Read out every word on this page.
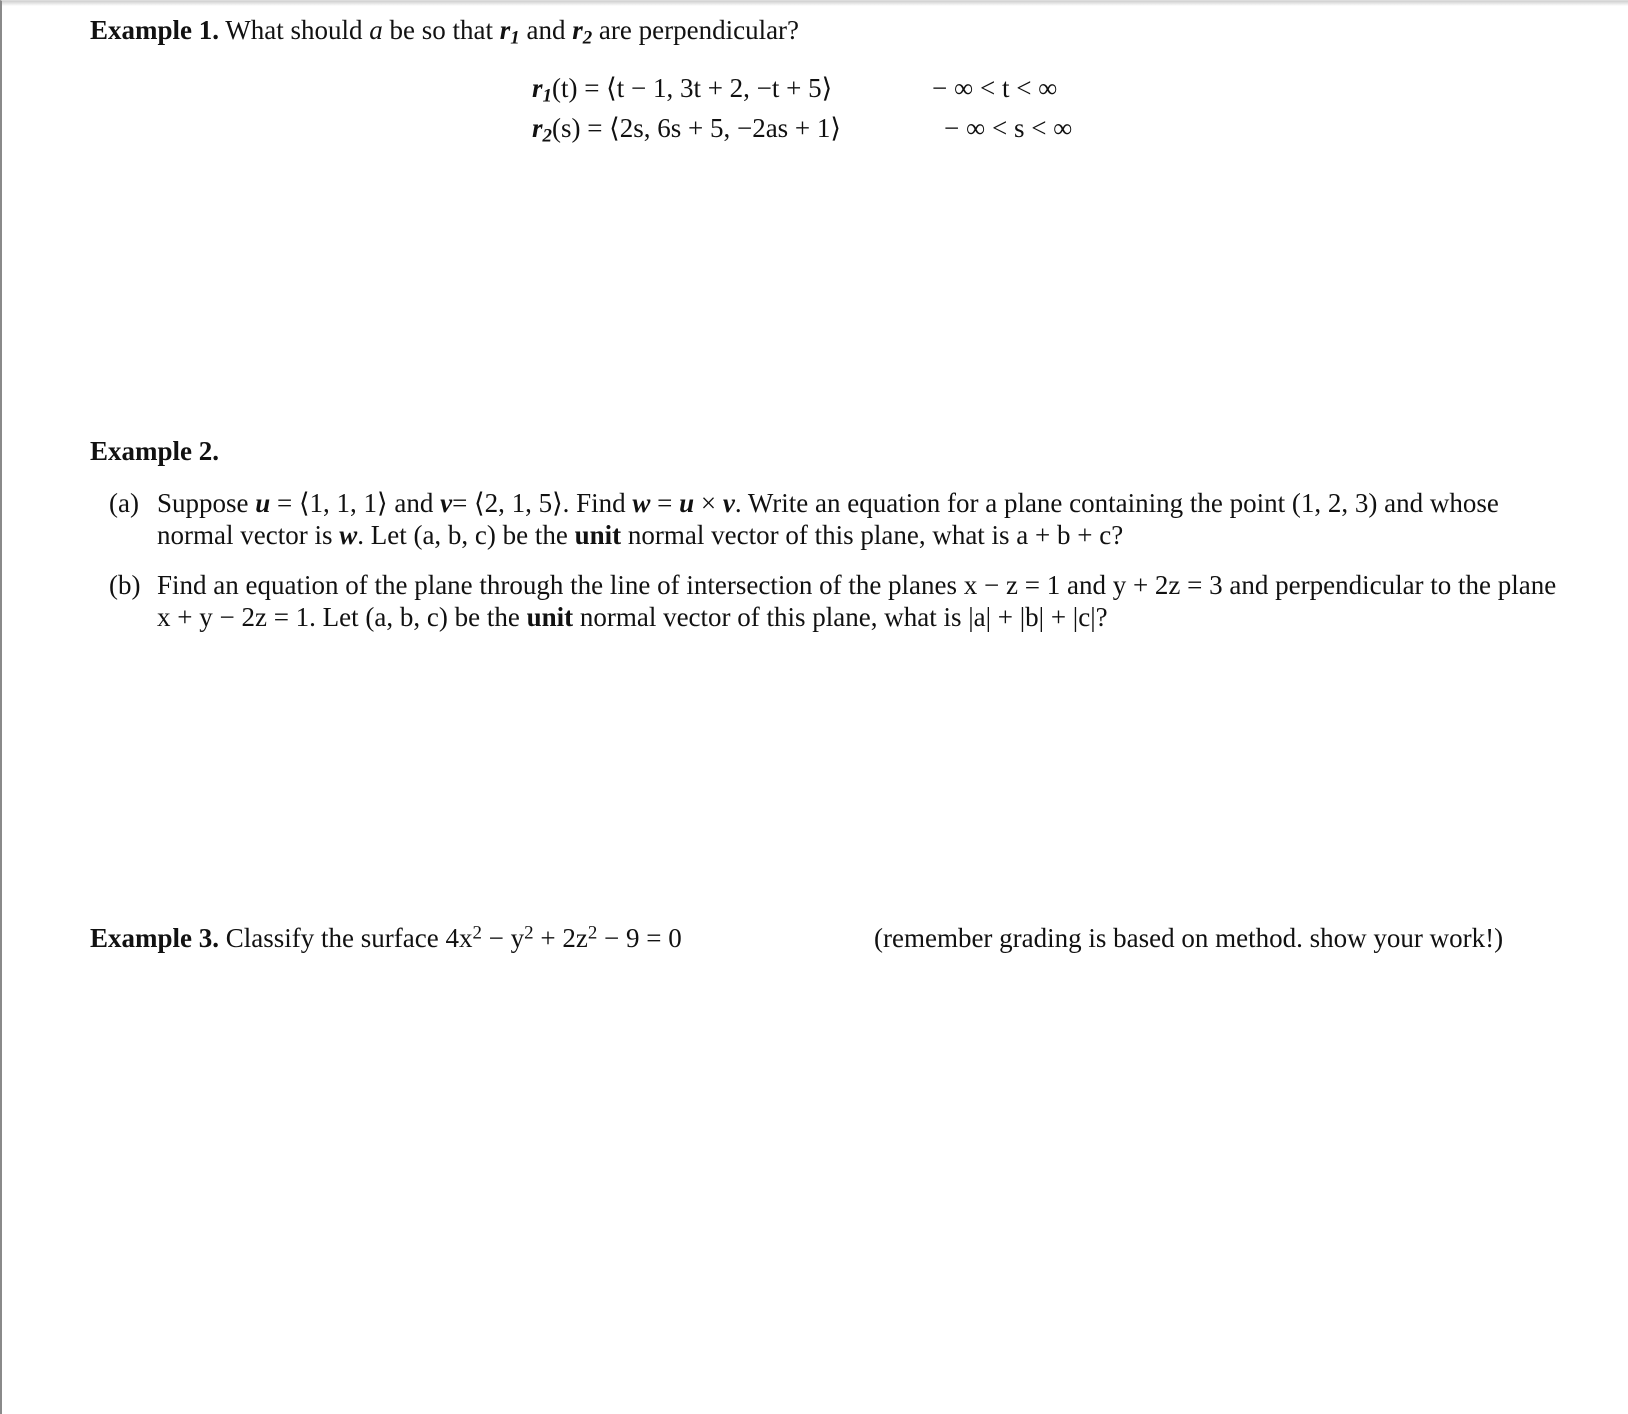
Example 1. What should a be so that $r_1$ and $r_2$ are perpendicular?
$r_1(t)$ = ⟨t − 1, 3t + 2, −t + 5⟩	− ∞ < t < ∞
$r_2(s)$ = ⟨2s, 6s + 5, −2as + 1⟩	− ∞ < s < ∞
Example 2.
(a) Suppose u = ⟨1, 1, 1⟩ and v= ⟨2, 1, 5⟩. Find w = u × v. Write an equation for a plane containing the point (1, 2, 3) and whose normal vector is w. Let (a, b, c) be the unit normal vector of this plane, what is a + b + c?
(b) Find an equation of the plane through the line of intersection of the planes x − z = 1 and y + 2z = 3 and perpendicular to the plane x + y − 2z = 1. Let (a, b, c) be the unit normal vector of this plane, what is |a| + |b| + |c|?
Example 3. Classify the surface $4x^2 - y^2 + 2z^2 - 9 = 0$	(remember grading is based on method. show your work!)
